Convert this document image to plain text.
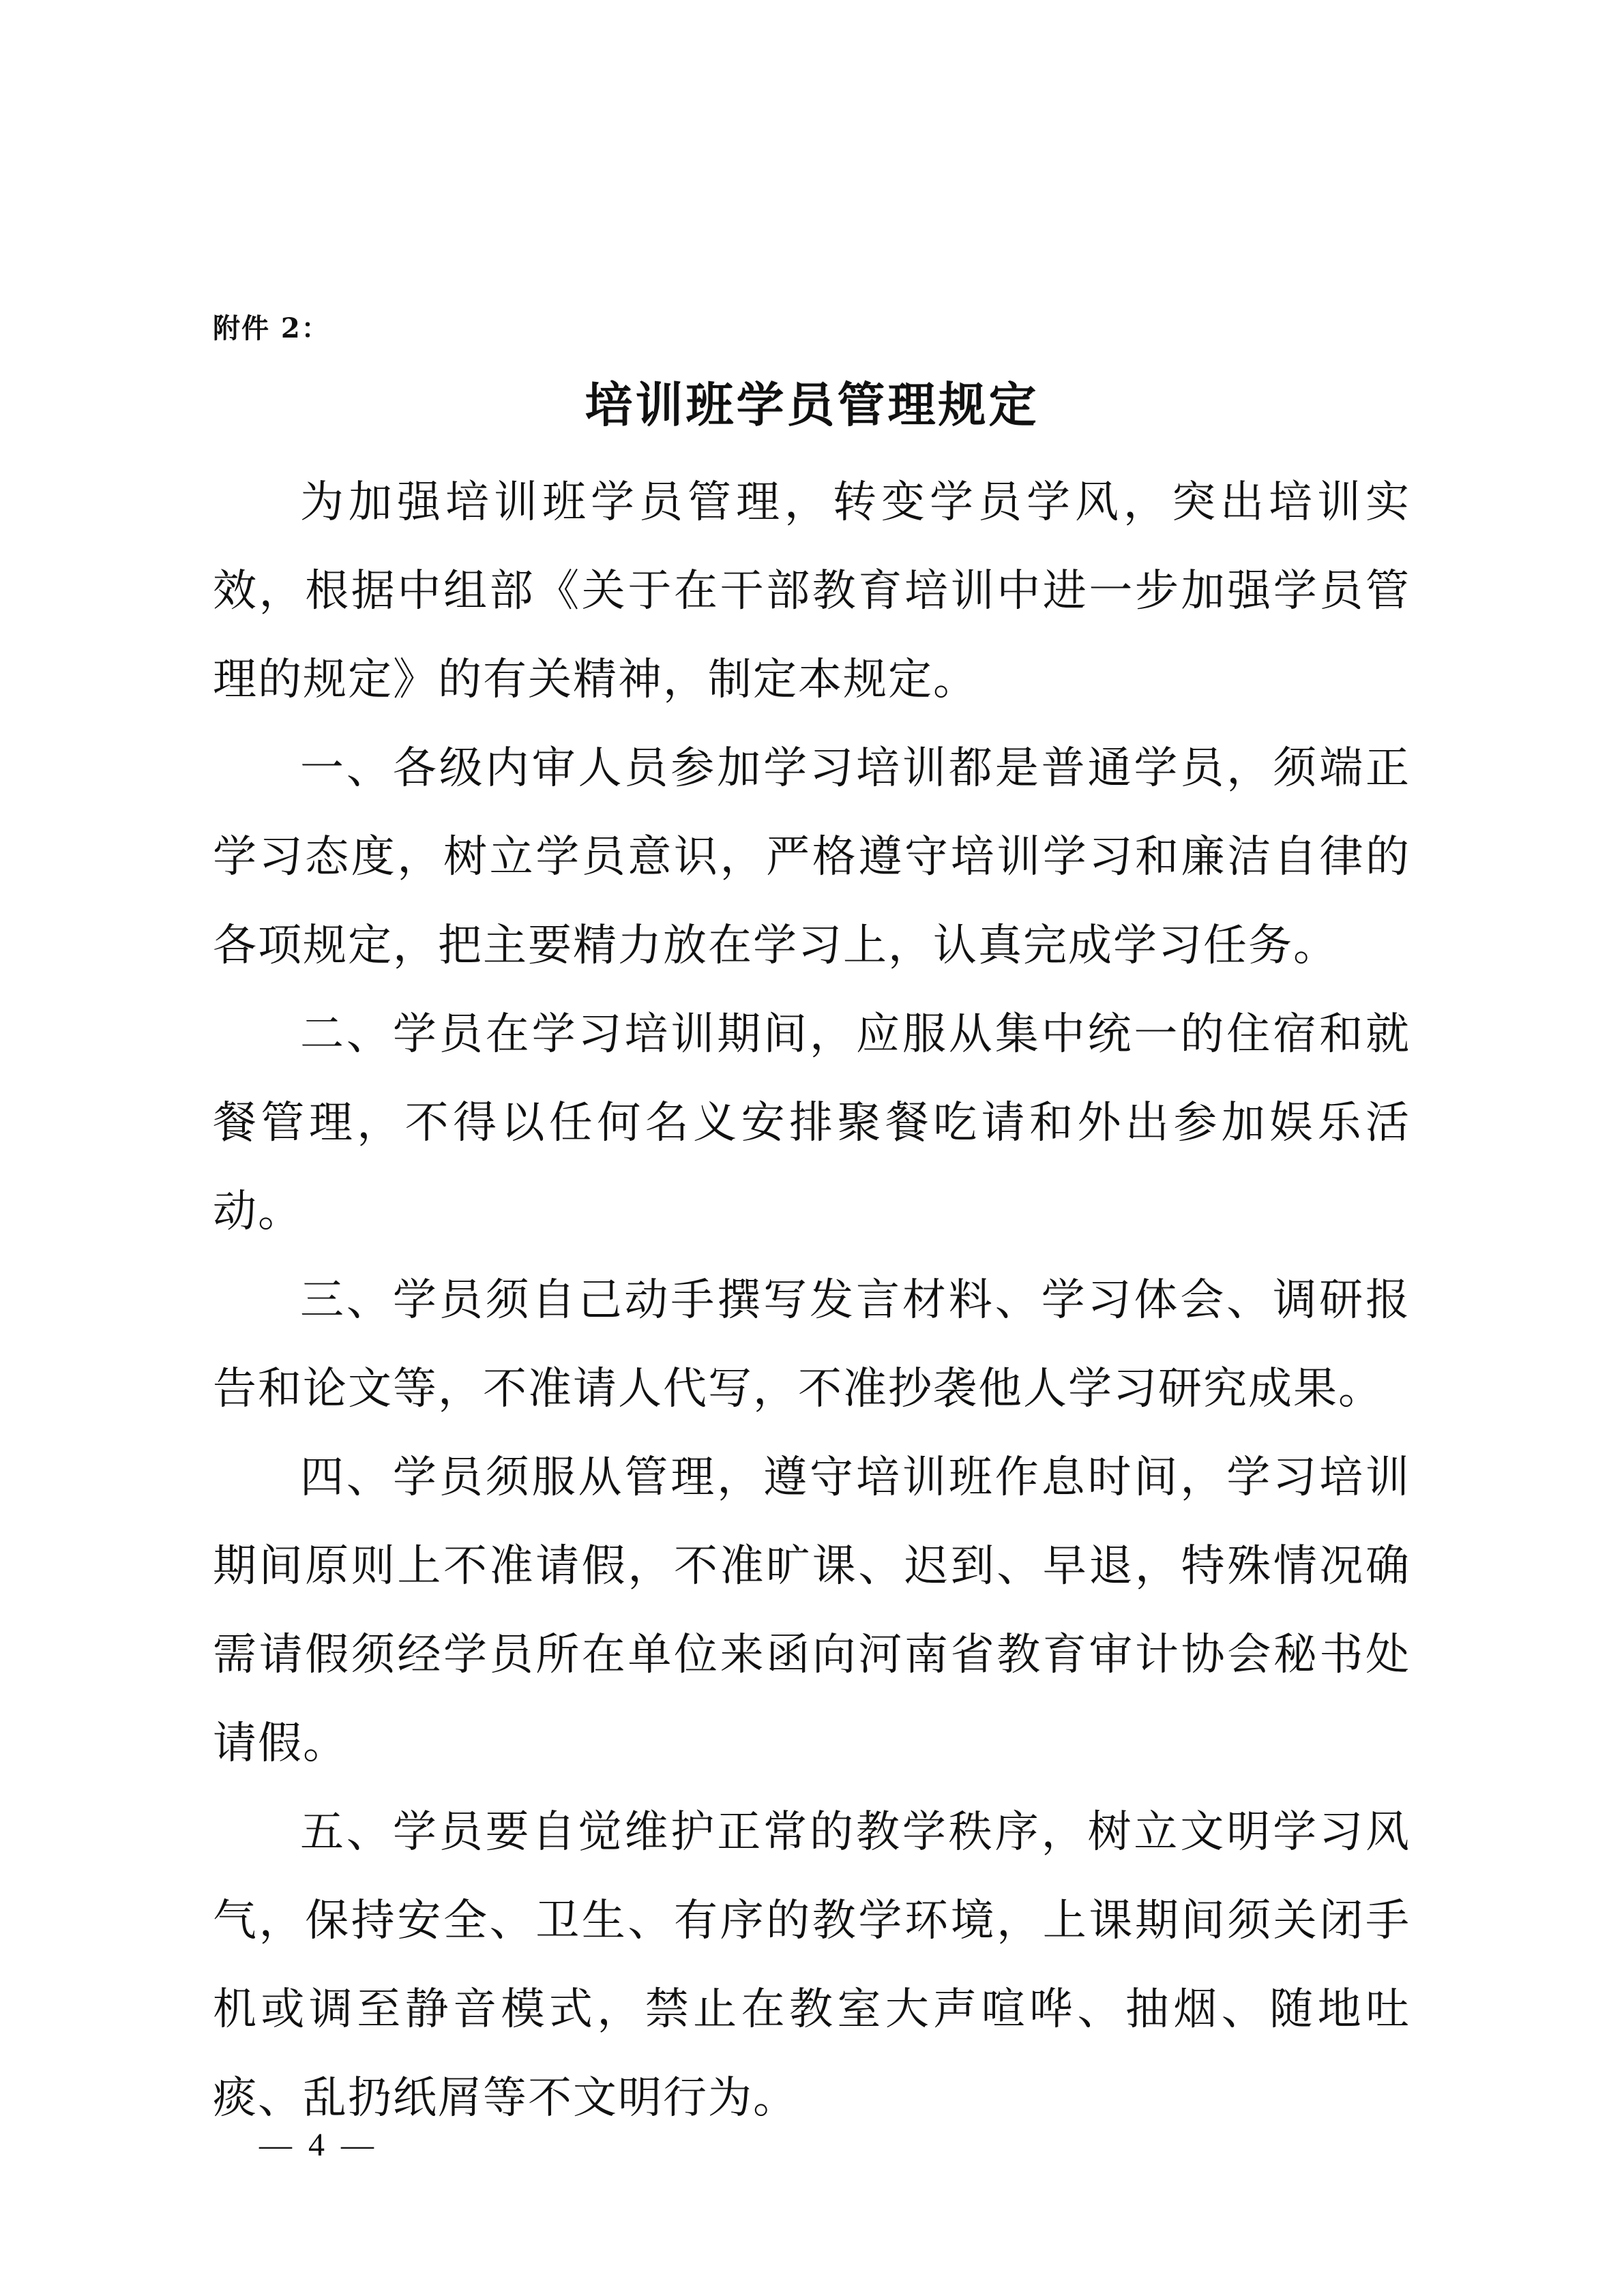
附件 2：
培训班学员管理规定

为加强培训班学员管理，转变学员学风，突出培训实效，根据中组部《关于在干部教育培训中进一步加强学员管理的规定》的有关精神，制定本规定。

一、各级内审人员参加学习培训都是普通学员，须端正学习态度，树立学员意识，严格遵守培训学习和廉洁自律的各项规定，把主要精力放在学习上，认真完成学习任务。

二、学员在学习培训期间，应服从集中统一的住宿和就餐管理，不得以任何名义安排聚餐吃请和外出参加娱乐活动。

三、学员须自己动手撰写发言材料、学习体会、调研报告和论文等，不准请人代写，不准抄袭他人学习研究成果。

四、学员须服从管理，遵守培训班作息时间，学习培训期间原则上不准请假，不准旷课、迟到、早退，特殊情况确需请假须经学员所在单位来函向河南省教育审计协会秘书处请假。

五、学员要自觉维护正常的教学秩序，树立文明学习风气，保持安全、卫生、有序的教学环境，上课期间须关闭手机或调至静音模式，禁止在教室大声喧哗、抽烟、随地吐痰、乱扔纸屑等不文明行为。

— 4 —
